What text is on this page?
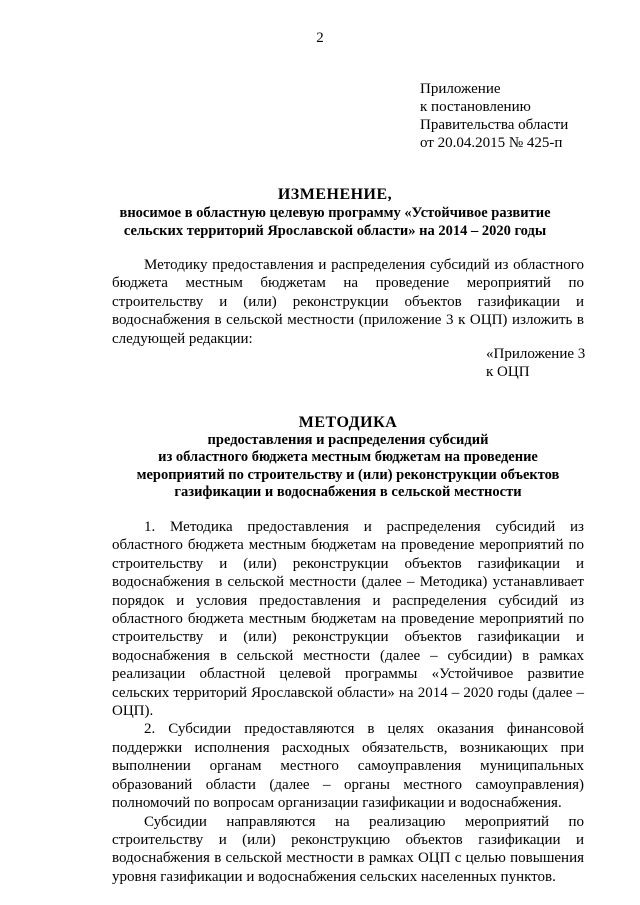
2
Приложение
к постановлению
Правительства области
от 20.04.2015 № 425-п
ИЗМЕНЕНИЕ,
вносимое в областную целевую программу «Устойчивое развитие
сельских территорий Ярославской области» на 2014 – 2020 годы
Методику предоставления и распределения субсидий из областного бюджета местным бюджетам на проведение мероприятий по строительству и (или) реконструкции объектов газификации и водоснабжения в сельской местности (приложение 3 к ОЦП) изложить в следующей редакции:
«Приложение 3
к ОЦП
МЕТОДИКА
предоставления и распределения субсидий
из областного бюджета местным бюджетам на проведение
мероприятий по строительству и (или) реконструкции объектов
газификации и водоснабжения в сельской местности

1. Методика предоставления и распределения субсидий из областного бюджета местным бюджетам на проведение мероприятий по строительству и (или) реконструкции объектов газификации и водоснабжения в сельской местности (далее – Методика) устанавливает порядок и условия предоставления и распределения субсидий из областного бюджета местным бюджетам на проведение мероприятий по строительству и (или) реконструкции объектов газификации и водоснабжения в сельской местности (далее – субсидии) в рамках реализации областной целевой программы «Устойчивое развитие сельских территорий Ярославской области» на 2014 – 2020 годы (далее – ОЦП).

2. Субсидии предоставляются в целях оказания финансовой поддержки исполнения расходных обязательств, возникающих при выполнении органам местного самоуправления муниципальных образований области (далее – органы местного самоуправления) полномочий по вопросам организации газификации и водоснабжения.

Субсидии направляются на реализацию мероприятий по строительству и (или) реконструкцию объектов газификации и водоснабжения в сельской местности в рамках ОЦП с целью повышения уровня газификации и водоснабжения сельских населенных пунктов.
